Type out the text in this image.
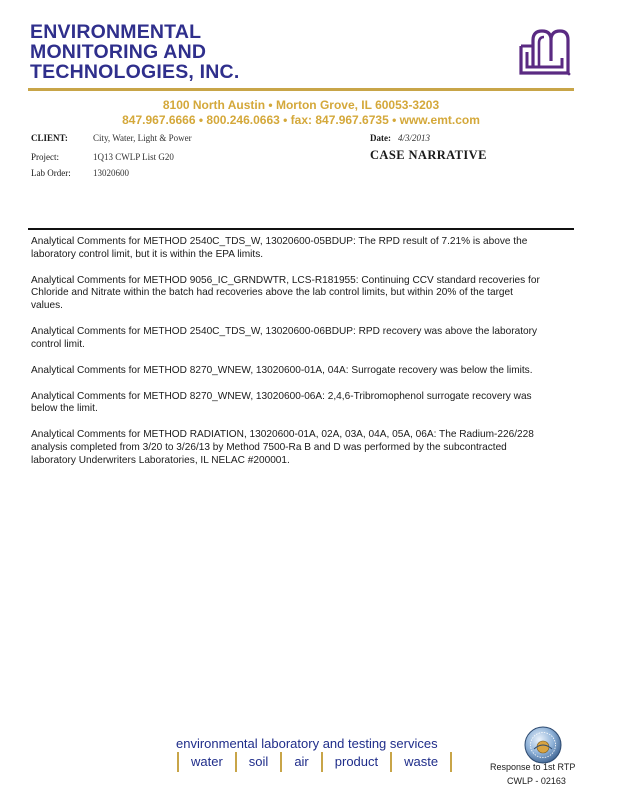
ENVIRONMENTAL
MONITORING AND
TECHNOLOGIES, INC.
8100 North Austin • Morton Grove, IL 60053-3203
847.967.6666 • 800.246.0663 • fax: 847.967.6735 • www.emt.com
CLIENT:	City, Water, Light & Power
Project:	1Q13 CWLP List G20
Lab Order: 13020600
Date: 4/3/2013
CASE NARRATIVE

Analytical Comments for METHOD 2540C_TDS_W, 13020600-05BDUP: The RPD result of 7.21% is above the laboratory control limit, but it is within the EPA limits.

Analytical Comments for METHOD 9056_IC_GRNDWTR, LCS-R181955: Continuing CCV standard recoveries for Chloride and Nitrate within the batch had recoveries above the lab control limits, but within 20% of the target values.

Analytical Comments for METHOD 2540C_TDS_W, 13020600-06BDUP: RPD recovery was above the laboratory control limit.

Analytical Comments for METHOD 8270_WNEW, 13020600-01A, 04A: Surrogate recovery was below the limits.

Analytical Comments for METHOD 8270_WNEW, 13020600-06A: 2,4,6-Tribromophenol surrogate recovery was below the limit.

Analytical Comments for METHOD RADIATION, 13020600-01A, 02A, 03A, 04A, 05A, 06A: The Radium-226/228 analysis completed from 3/20 to 3/26/13 by Method 7500-Ra B and D was performed by the subcontracted laboratory Underwriters Laboratories, IL NELAC #200001.

environmental laboratory and testing services
water	soil	air	product	waste	Response to 1st RTP
CWLP - 02163
